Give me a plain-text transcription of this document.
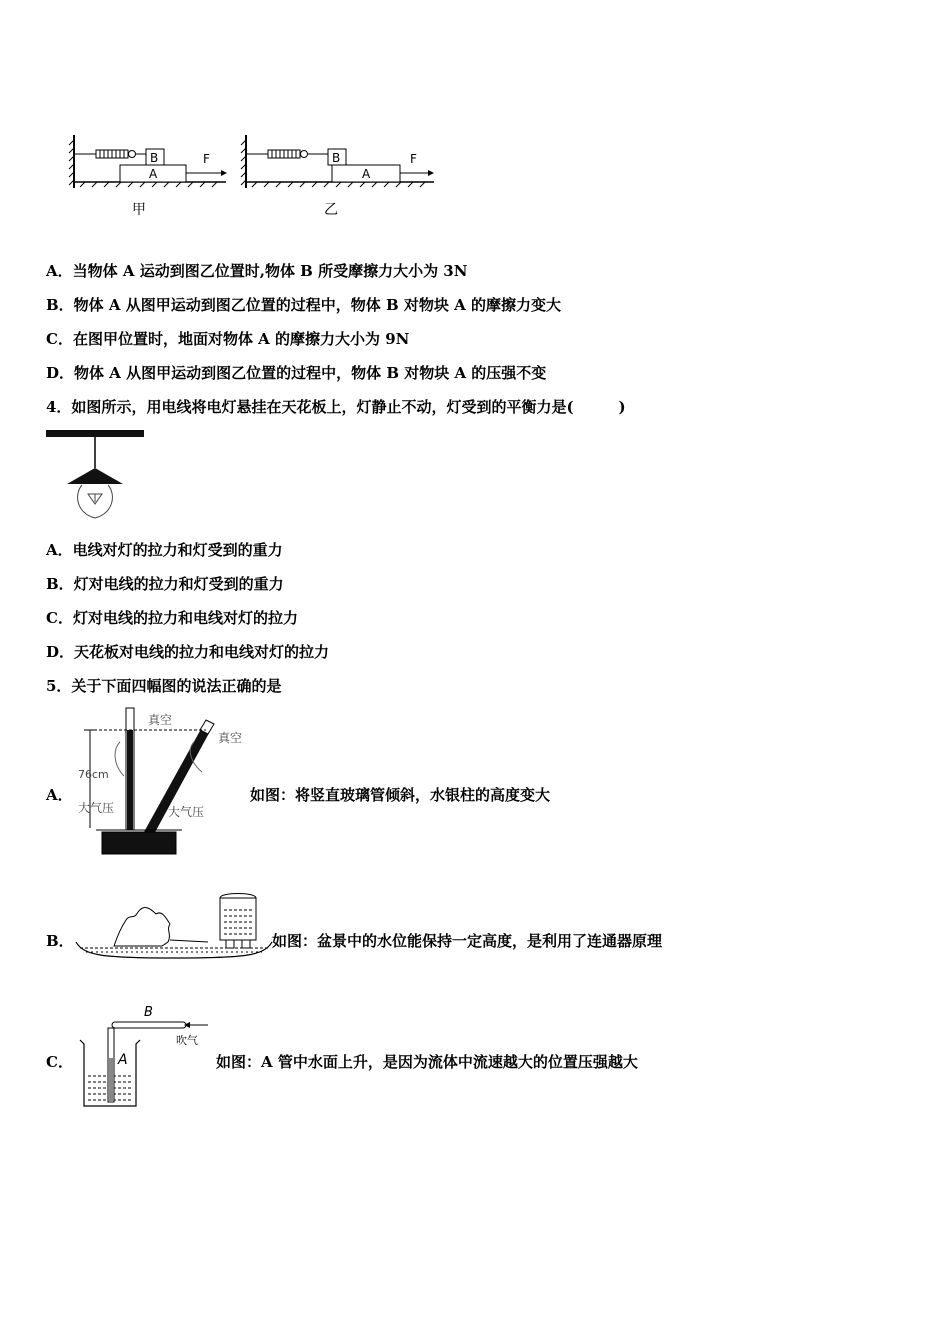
B
A
F	B
A
F
甲	乙
A．当物体 A 运动到图乙位置时,物体 B 所受摩擦力大小为 3N
B．物体 A 从图甲运动到图乙位置的过程中，物体 B 对物块 A 的摩擦力变大
C．在图甲位置时，地面对物体 A 的摩擦力大小为 9N
D．物体 A 从图甲运动到图乙位置的过程中，物体 B 对物块 A 的压强不变
4．如图所示，用电线将电灯悬挂在天花板上，灯静止不动，灯受到的平衡力是(　　　)
A．电线对灯的拉力和灯受到的重力
B．灯对电线的拉力和灯受到的重力
C．灯对电线的拉力和电线对灯的拉力
D．天花板对电线的拉力和电线对灯的拉力
5．关于下面四幅图的说法正确的是
A．
真空
真空
76cm
大气压	大气压
如图：将竖直玻璃管倾斜，水银柱的高度变大
B．	如图：盆景中的水位能保持一定高度，是利用了连通器原理
C．
B
吹气
A	如图：A 管中水面上升，是因为流体中流速越大的位置压强越大
